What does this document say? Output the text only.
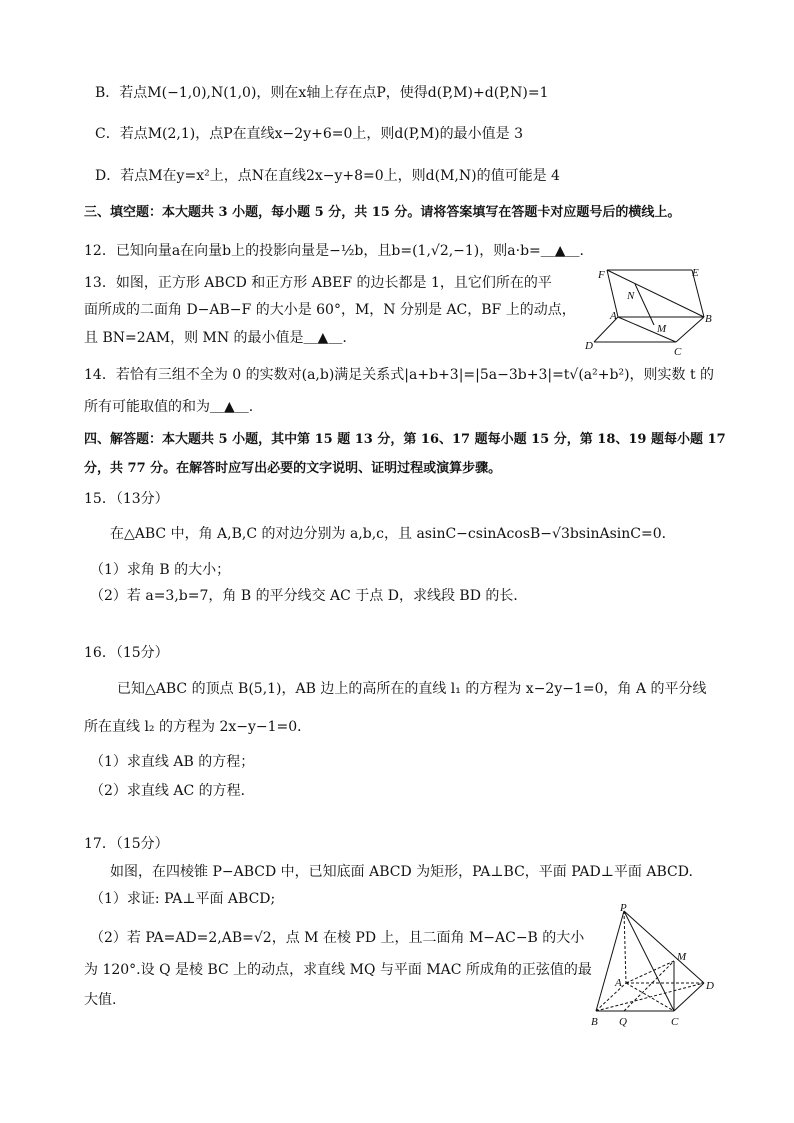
B．若点M(−1,0),N(1,0)，则在x轴上存在点P，使得d(P,M)+d(P,N)=1
C．若点M(2,1)，点P在直线x−2y+6=0上，则d(P,M)的最小值是 3
D．若点M在y=x²上，点N在直线2x−y+8=0上，则d(M,N)的值可能是 4
三、填空题：本大题共 3 小题，每小题 5 分，共 15 分。请将答案填写在答题卡对应题号后的横线上。
12．已知向量a在向量b上的投影向量是−½b，且b=(1,√2,−1)，则a·b=＿▲＿.
13．如图，正方形 ABCD 和正方形 ABEF 的边长都是 1，且它们所在的平
面所成的二面角 D−AB−F 的大小是 60°，M，N 分别是 AC，BF 上的动点，
且 BN=2AM，则 MN 的最小值是＿▲＿.
F	E
N
A
M
B
D	C
14．若恰有三组不全为 0 的实数对(a,b)满足关系式|a+b+3|=|5a−3b+3|=t√(a²+b²)，则实数 t 的
所有可能取值的和为＿▲＿.
四、解答题：本大题共 5 小题，其中第 15 题 13 分，第 16、17 题每小题 15 分，第 18、19 题每小题 17
分，共 77 分。在解答时应写出必要的文字说明、证明过程或演算步骤。
15．（13分）
在△ABC 中，角 A,B,C 的对边分别为 a,b,c，且 asinC−csinAcosB−√3bsinAsinC=0．
（1）求角 B 的大小；
（2）若 a=3,b=7，角 B 的平分线交 AC 于点 D，求线段 BD 的长．
16．（15分）
已知△ABC 的顶点 B(5,1)，AB 边上的高所在的直线 l₁ 的方程为 x−2y−1=0，角 A 的平分线
所在直线 l₂ 的方程为 2x−y−1=0．
（1）求直线 AB 的方程；
（2）求直线 AC 的方程．
17．（15分）
如图，在四棱锥 P−ABCD 中，已知底面 ABCD 为矩形，PA⊥BC，平面 PAD⊥平面 ABCD.
（1）求证: PA⊥平面 ABCD;
（2）若 PA=AD=2,AB=√2，点 M 在棱 PD 上，且二面角 M−AC−B 的大小
为 120°.设 Q 是棱 BC 上的动点，求直线 MQ 与平面 MAC 所成角的正弦值的最
大值.
P
M
A	D
B Q	C
